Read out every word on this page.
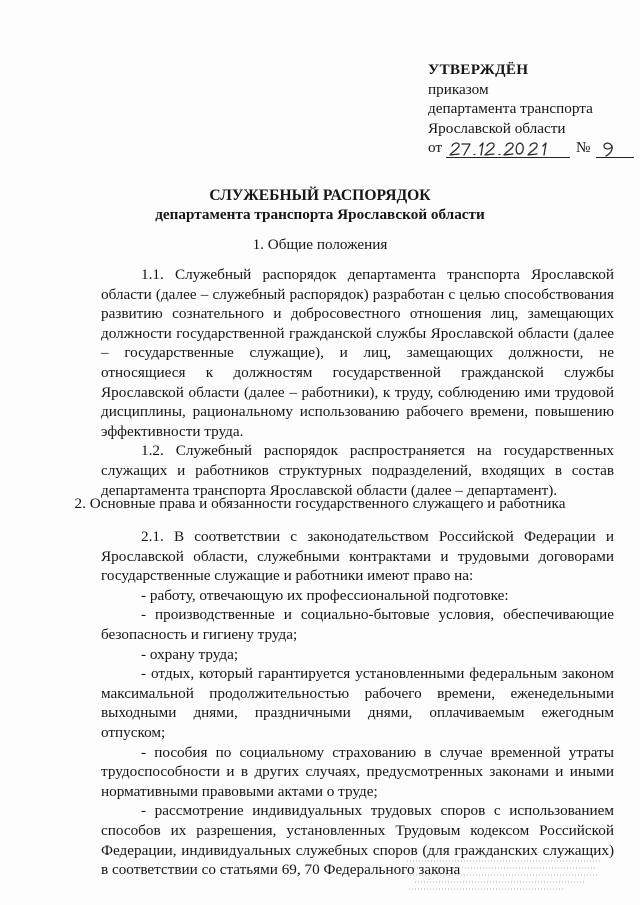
УТВЕРЖДЁН
приказом
департамента транспорта
Ярославской области
от	№
СЛУЖЕБНЫЙ РАСПОРЯДОК
департамента транспорта Ярославской области
1. Общие положения

1.1. Служебный распорядок департамента транспорта Ярославской области (далее – служебный распорядок) разработан с целью способствования развитию сознательного и добросовестного отношения лиц, замещающих должности государственной гражданской службы Ярославской области (далее – государственные служащие), и лиц, замещающих должности, не относящиеся к должностям государственной гражданской службы Ярославской области (далее – работники), к труду, соблюдению ими трудовой дисциплины, рациональному использованию рабочего времени, повышению эффективности труда.

1.2. Служебный распорядок распространяется на государственных служащих и работников структурных подразделений, входящих в состав департамента транспорта Ярославской области (далее – департамент).

2. Основные права и обязанности государственного служащего и работника

2.1. В соответствии с законодательством Российской Федерации и Ярославской области, служебными контрактами и трудовыми договорами государственные служащие и работники имеют право на:

- работу, отвечающую их профессиональной подготовке:

- производственные и социально-бытовые условия, обеспечивающие безопасность и гигиену труда;

- охрану труда;

- отдых, который гарантируется установленными федеральным законом максимальной продолжительностью рабочего времени, еженедельными выходными днями, праздничными днями, оплачиваемым ежегодным отпуском;

- пособия по социальному страхованию в случае временной утраты трудоспособности и в других случаях, предусмотренных законами и иными нормативными правовыми актами о труде;

- рассмотрение индивидуальных трудовых споров с использованием способов их разрешения, установленных Трудовым кодексом Российской Федерации, индивидуальных служебных споров (для гражданских служащих) в соответствии со статьями 69, 70 Федерального закона
